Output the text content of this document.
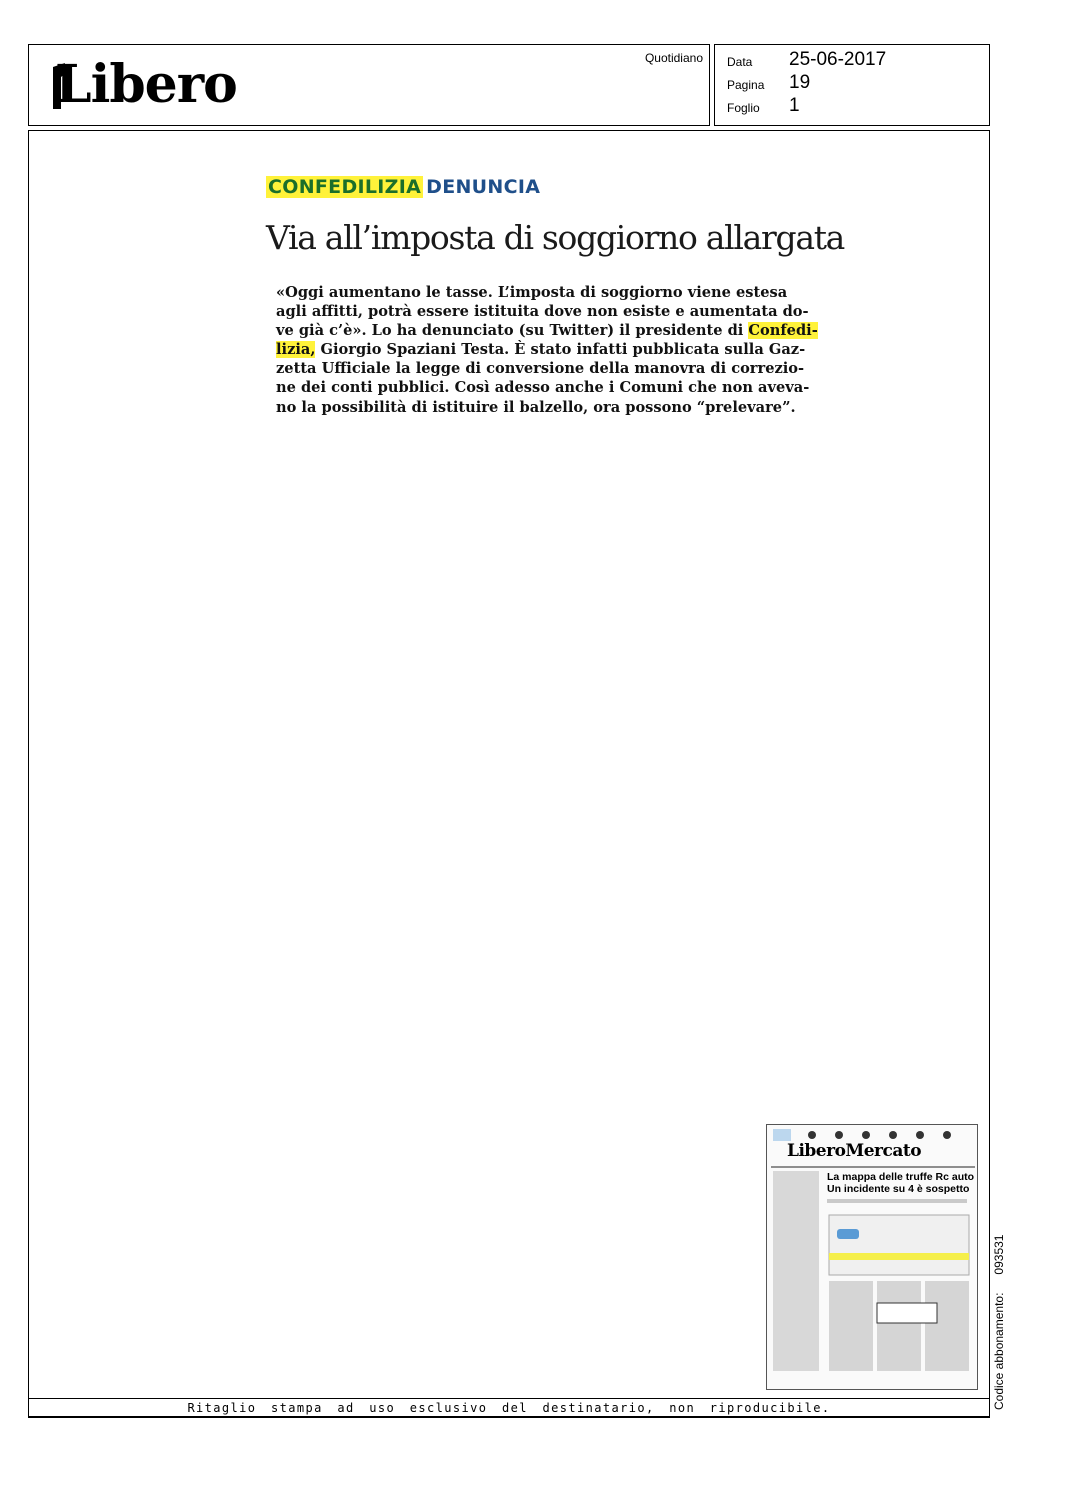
Libero	Quotidiano Data	25-06-2017
Pagina	19
Foglio	1
CONFEDILIZIA DENUNCIA
Via all’imposta di soggiorno allargata
«Oggi aumentano le tasse. L’imposta di soggiorno viene estesa
agli affitti, potrà essere istituita dove non esiste e aumentata do-
ve già c’è». Lo ha denunciato (su Twitter) il presidente di Confedi-
lizia, Giorgio Spaziani Testa. È stato infatti pubblicata sulla Gaz-
zetta Ufficiale la legge di conversione della manovra di correzio-
ne dei conti pubblici. Così adesso anche i Comuni che non aveva-
no la possibilità di istituire il balzello, ora possono “prelevare”.
LiberoMercato
La mappa delle truffe Rc auto
Un incidente su 4 è sospetto
Codice abbonamento:093531
Ritaglio stampa ad uso esclusivo del destinatario, non riproducibile.
